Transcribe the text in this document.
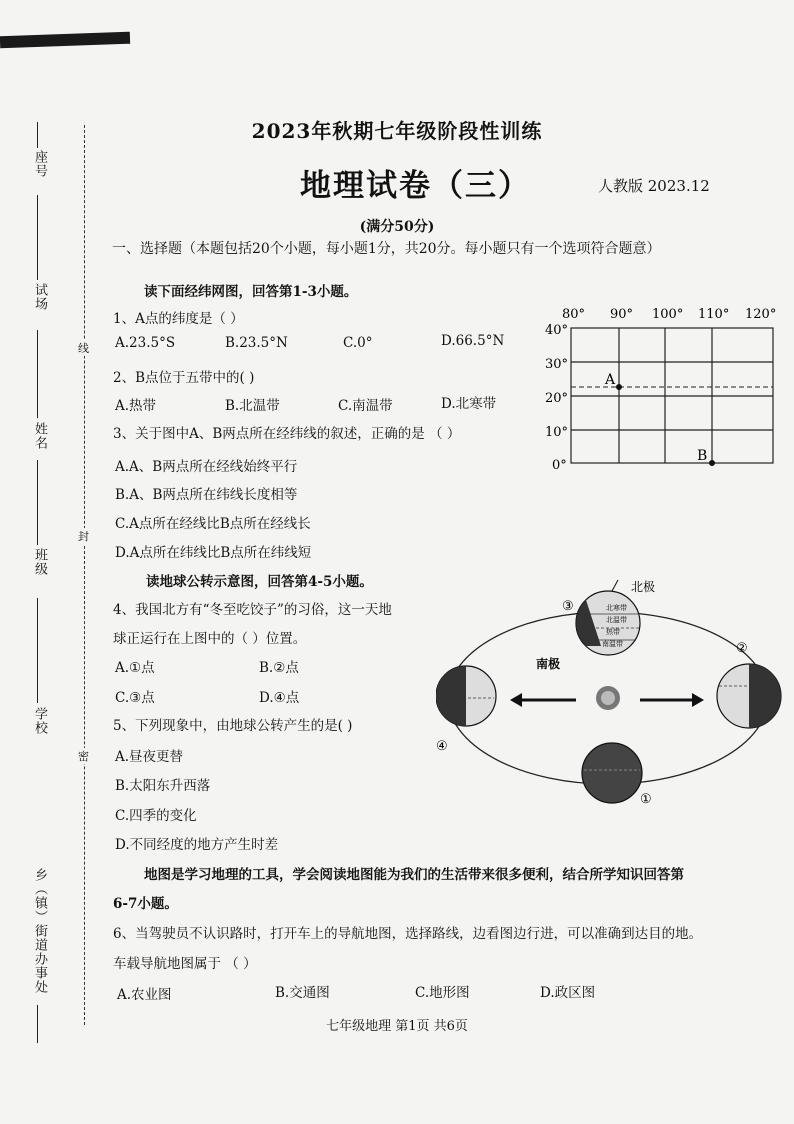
座号
试场
姓名
班级
学校
乡（镇）街道办事处
线
封
密
2023年秋期七年级阶段性训练
地理试卷（三）	人教版 2023.12
(满分50分)
一、选择题（本题包括20个小题，每小题1分，共20分。每小题只有一个选项符合题意）
读下面经纬网图，回答第1-3小题。
1、A点的纬度是（ ）
A.23.5°S	B.23.5°N	C.0°	D.66.5°N
2、B点位于五带中的( )
A.热带	B.北温带	C.南温带	D.北寒带
3、关于图中A、B两点所在经纬线的叙述，正确的是 （ ）
A.A、B两点所在经线始终平行
B.A、B两点所在纬线长度相等
C.A点所在经线比B点所在经线长
D.A点所在纬线比B点所在纬线短
80° 90° 100° 110° 120°
40°
30°
20°
10°
0°
A
B
读地球公转示意图，回答第4-5小题。
4、我国北方有“冬至吃饺子”的习俗，这一天地
球正运行在上图中的（ ）位置。
A.①点	B.②点
C.③点	D.④点
5、下列现象中，由地球公转产生的是( )
A.昼夜更替
B.太阳东升西落
C.四季的变化
D.不同经度的地方产生时差
北寒带
北温带
热带
南温带
北极
南极
③
②
④
①
地图是学习地理的工具，学会阅读地图能为我们的生活带来很多便利，结合所学知识回答第
6-7小题。
6、当驾驶员不认识路时，打开车上的导航地图，选择路线，边看图边行进，可以准确到达目的地。
车载导航地图属于 （ ）
A.农业图	B.交通图	C.地形图	D.政区图
七年级地理 第1页 共6页
